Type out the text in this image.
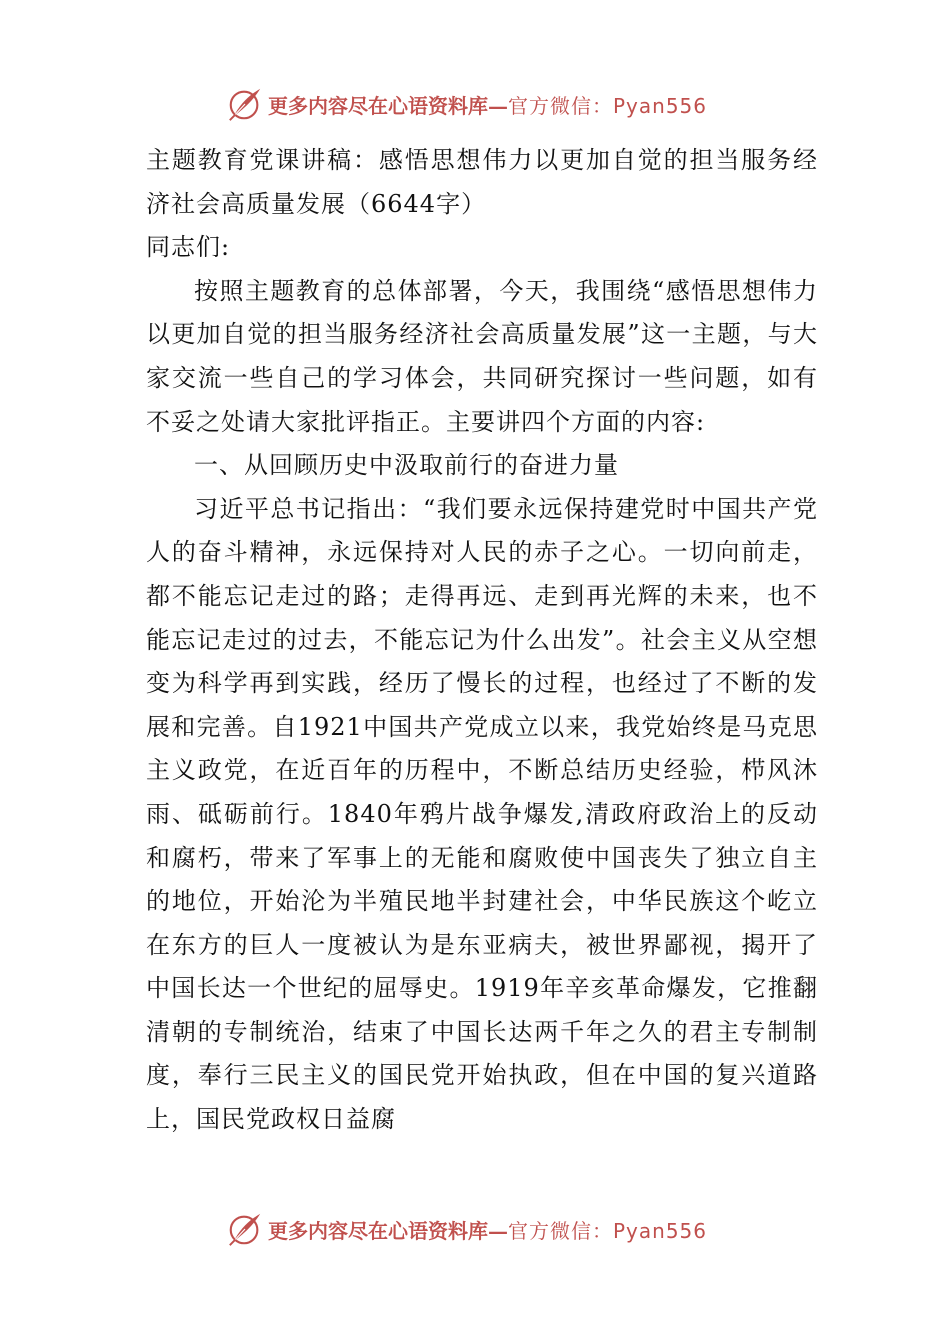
更多内容尽在心语资料库— 官方微信：Pyan556

主题教育党课讲稿：感悟思想伟力以更加自觉的担当服务经济社会高质量发展（6644字）

同志们:

按照主题教育的总体部署，今天，我围绕“感悟思想伟力以更加自觉的担当服务经济社会高质量发展”这一主题，与大家交流一些自己的学习体会，共同研究探讨一些问题，如有不妥之处请大家批评指正。主要讲四个方面的内容:

一、从回顾历史中汲取前行的奋进力量

习近平总书记指出：“我们要永远保持建党时中国共产党人的奋斗精神，永远保持对人民的赤子之心。一切向前走，都不能忘记走过的路；走得再远、走到再光辉的未来，也不能忘记走过的过去，不能忘记为什么出发”。社会主义从空想变为科学再到实践，经历了慢长的过程，也经过了不断的发展和完善。自1921中国共产党成立以来，我党始终是马克思主义政党，在近百年的历程中，不断总结历史经验，栉风沐雨、砥砺前行。1840年鸦片战争爆发,清政府政治上的反动和腐朽，带来了军事上的无能和腐败使中国丧失了独立自主的地位，开始沦为半殖民地半封建社会，中华民族这个屹立在东方的巨人一度被认为是东亚病夫，被世界鄙视，揭开了中国长达一个世纪的屈辱史。1919年辛亥革命爆发，它推翻清朝的专制统治，结束了中国长达两千年之久的君主专制制度，奉行三民主义的国民党开始执政，但在中国的复兴道路上，国民党政权日益腐

更多内容尽在心语资料库— 官方微信：Pyan556
